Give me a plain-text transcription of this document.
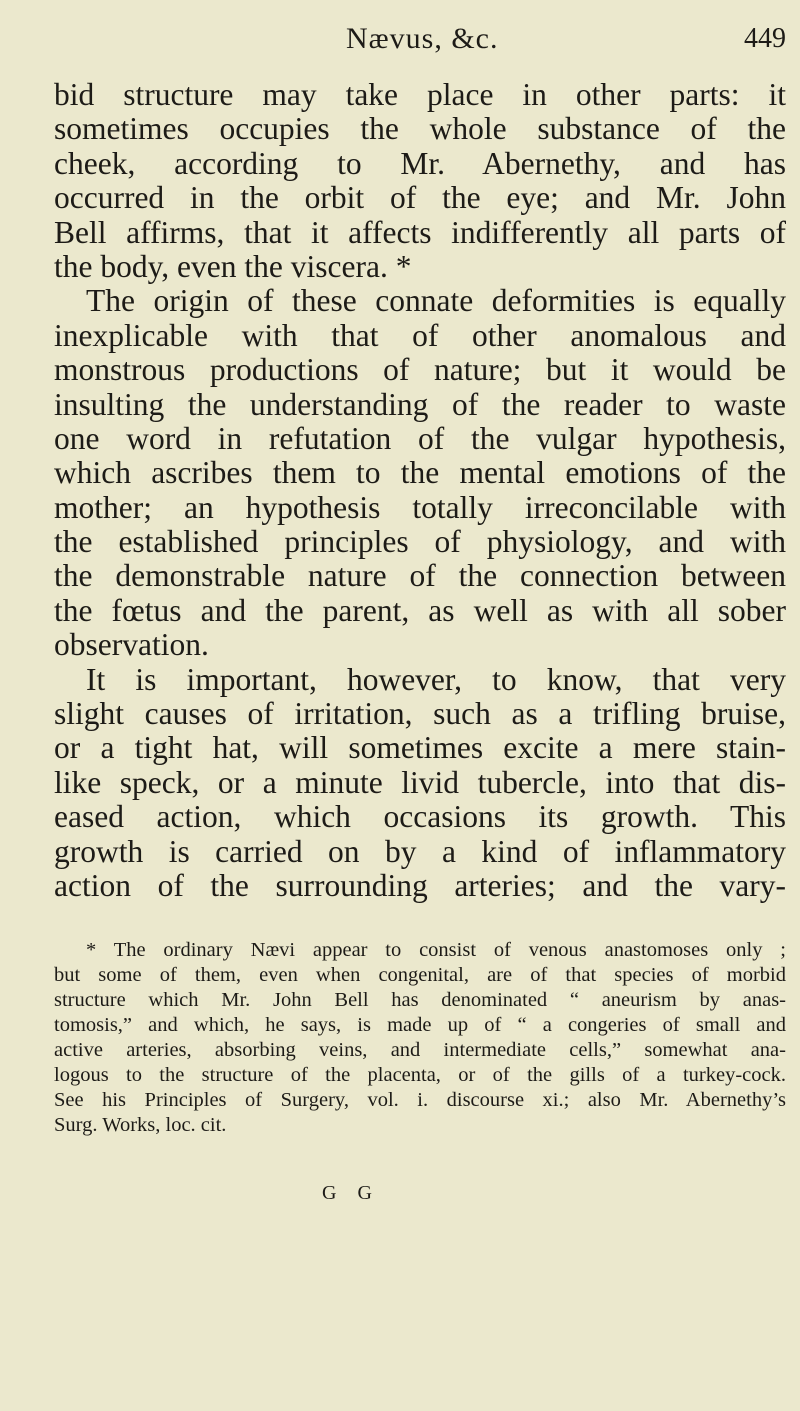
Nævus, &c.	449
bid structure may take place in other parts: it
sometimes occupies the whole substance of the
cheek, according to Mr. Abernethy, and has
occurred in the orbit of the eye; and Mr. John
Bell affirms, that it affects indifferently all parts of
the body, even the viscera. *
The origin of these connate deformities is equally
inexplicable with that of other anomalous and
monstrous productions of nature; but it would be
insulting the understanding of the reader to waste
one word in refutation of the vulgar hypothesis,
which ascribes them to the mental emotions of the
mother; an hypothesis totally irreconcilable with
the established principles of physiology, and with
the demonstrable nature of the connection between
the fœtus and the parent, as well as with all sober
observation.
It is important, however, to know, that very
slight causes of irritation, such as a trifling bruise,
or a tight hat, will sometimes excite a mere stain-
like speck, or a minute livid tubercle, into that dis-
eased action, which occasions its growth. This
growth is carried on by a kind of inflammatory
action of the surrounding arteries; and the vary-
* The ordinary Nævi appear to consist of venous anastomoses only ;
but some of them, even when congenital, are of that species of morbid
structure which Mr. John Bell has denominated “ aneurism by anas-
tomosis,” and which, he says, is made up of “ a congeries of small and
active arteries, absorbing veins, and intermediate cells,” somewhat ana-
logous to the structure of the placenta, or of the gills of a turkey-cock.
See his Principles of Surgery, vol. i. discourse xi.; also Mr. Abernethy’s
Surg. Works, loc. cit.
G G
